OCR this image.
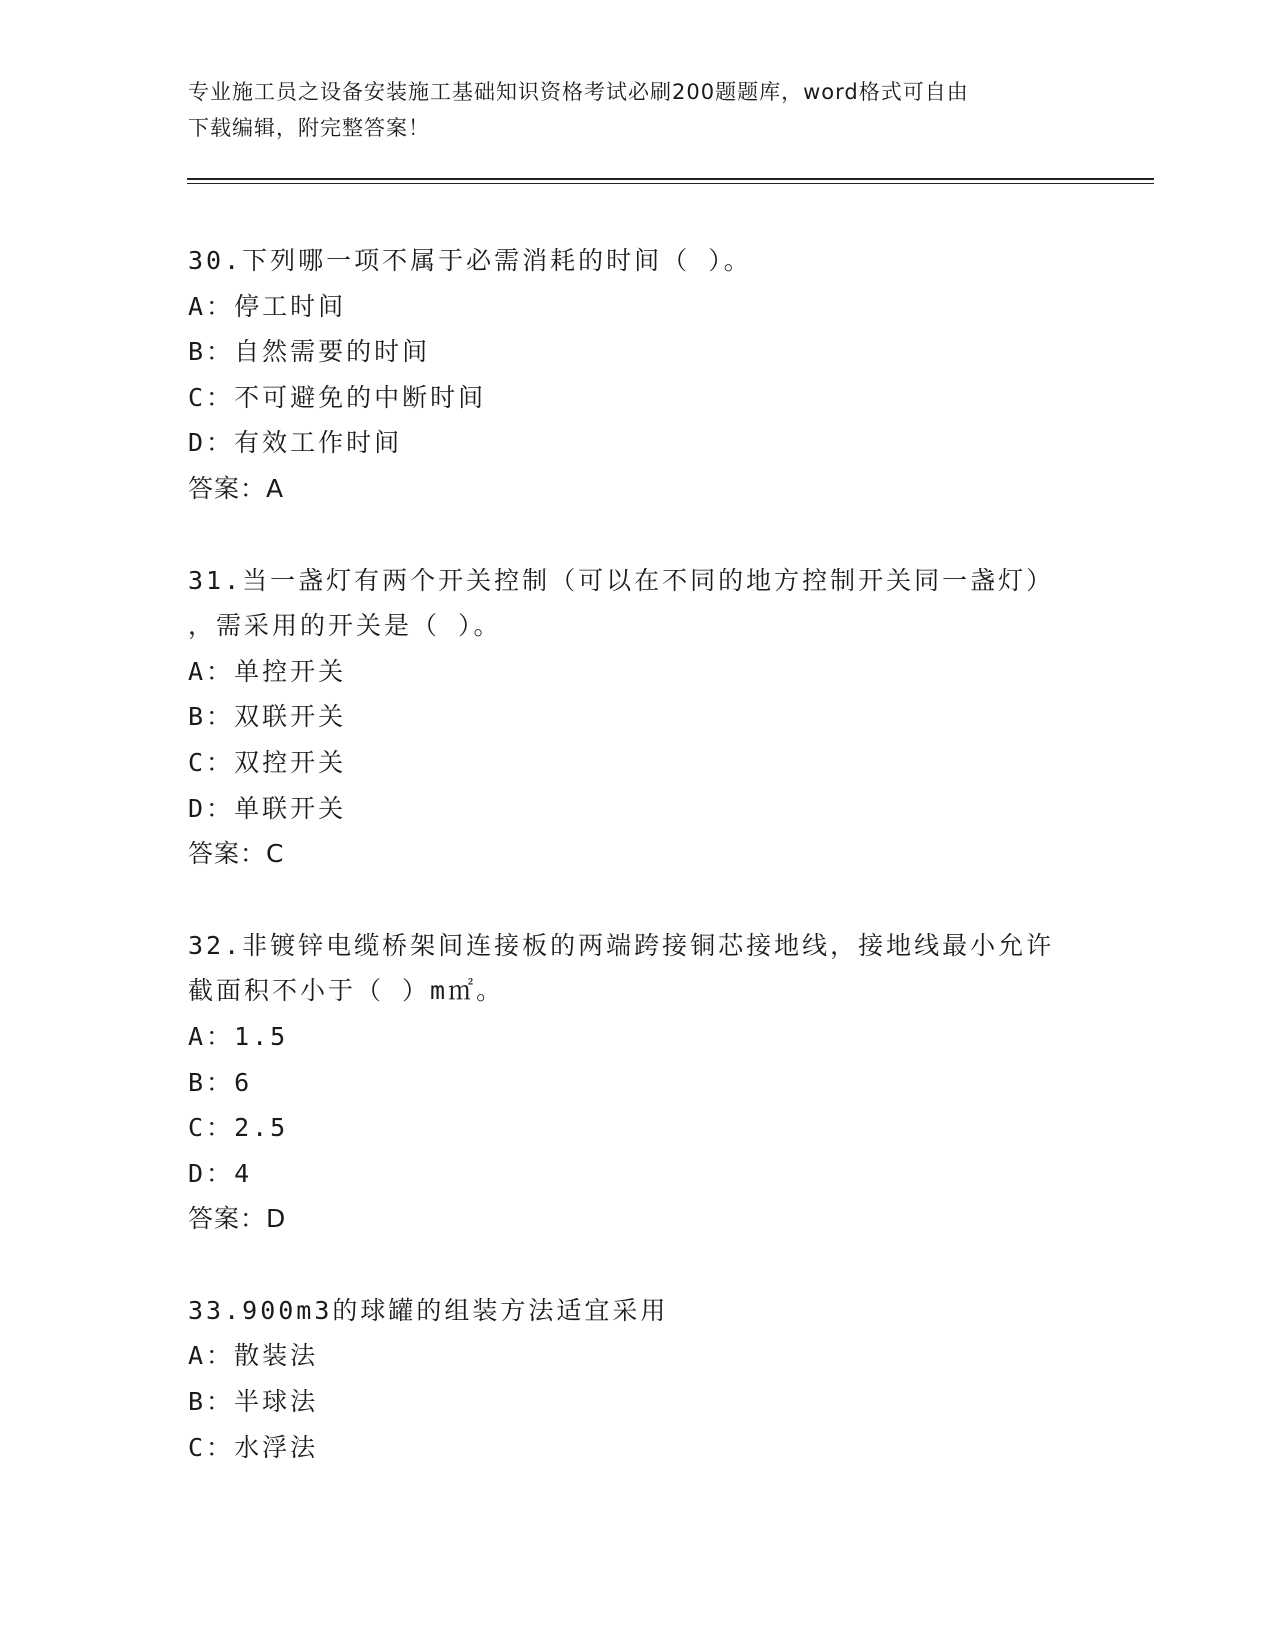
专业施工员之设备安装施工基础知识资格考试必刷200题题库，word格式可自由
下载编辑，附完整答案！
30.下列哪一项不属于必需消耗的时间（ ）。
A：停工时间
B：自然需要的时间
C：不可避免的中断时间
D：有效工作时间
答案：A
31.当一盏灯有两个开关控制（可以在不同的地方控制开关同一盏灯）
，需采用的开关是（ ）。
A：单控开关
B：双联开关
C：双控开关
D：单联开关
答案：C
32.非镀锌电缆桥架间连接板的两端跨接铜芯接地线，接地线最小允许
截面积不小于（ ）m㎡。
A：1.5
B：6
C：2.5
D：4
答案：D
33.900m3的球罐的组装方法适宜采用
A：散装法
B：半球法
C：水浮法
